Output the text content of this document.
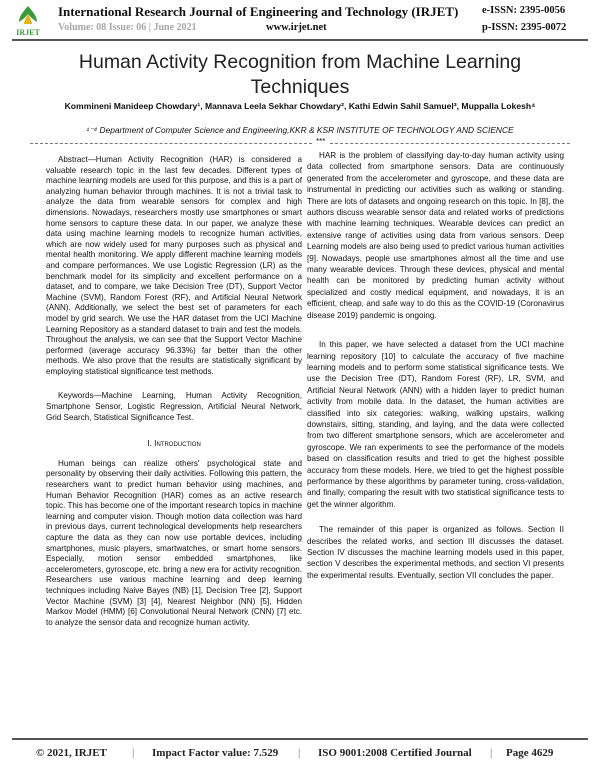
IRJET
International Research Journal of Engineering and Technology (IRJET) e-ISSN: 2395-0056
Volume: 08 Issue: 06 | June 2021	www.irjet.net	p-ISSN: 2395-0072
Human Activity Recognition from Machine Learning Techniques
Kommineni Manideep Chowdary¹, Mannava Leela Sekhar Chowdary², Kathi Edwin Sahil Samuel³, Muppalla Lokesh⁴
¹⁻⁴ Department of Computer Science and Engineering,KKR & KSR INSTITUTE OF TECHNOLOGY AND SCIENCE
***

Abstract—Human Activity Recognition (HAR) is considered a valuable research topic in the last few decades. Different types of machine learning models are used for this purpose, and this is a part of analyzing human behavior through machines. It is not a trivial task to analyze the data from wearable sensors for complex and high dimensions. Nowadays, researchers mostly use smartphones or smart home sensors to capture these data. In our paper, we analyze these data using machine learning models to recognize human activities, which are now widely used for many purposes such as physical and mental health monitoring. We apply different machine learning models and compare performances. We use Logistic Regression (LR) as the benchmark model for its simplicity and excellent performance on a dataset, and to compare, we take Decision Tree (DT), Support Vector Machine (SVM), Random Forest (RF), and Artificial Neural Network (ANN). Additionally, we select the best set of parameters for each model by grid search. We use the HAR dataset from the UCI Machine Learning Repository as a standard dataset to train and test the models. Throughout the analysis, we can see that the Support Vector Machine performed (average accuracy 96.33%) far better than the other methods. We also prove that the results are statistically significant by employing statistical significance test methods.

Keywords—Machine Learning, Human Activity Recognition, Smartphone Sensor, Logistic Regression, Artificial Neural Network, Grid Search, Statistical Significance Test.

I. Introduction

Human beings can realize others' psychological state and personality by observing their daily activities. Following this pattern, the researchers want to predict human behavior using machines, and Human Behavior Recognition (HAR) comes as an active research topic. This has become one of the important research topics in machine learning and computer vision. Though motion data collection was hard in previous days, current technological developments help researchers capture the data as they can now use portable devices, including smartphones, music players, smartwatches, or smart home sensors. Especially, motion sensor embedded smartphones, like accelerometers, gyroscope, etc. bring a new era for activity recognition. Researchers use various machine learning and deep learning techniques including Naive Bayes (NB) [1], Decision Tree [2], Support Vector Machine (SVM) [3] [4], Nearest Neighbor (NN) [5], Hidden Markov Model (HMM) [6] Convolutional Neural Network (CNN) [7] etc. to analyze the sensor data and recognize human activity.

HAR is the problem of classifying day-to-day human activity using data collected from smartphone sensors. Data are continuously generated from the accelerometer and gyroscope, and these data are instrumental in predicting our activities such as walking or standing. There are lots of datasets and ongoing research on this topic. In [8], the authors discuss wearable sensor data and related works of predictions with machine learning techniques. Wearable devices can predict an extensive range of activities using data from various sensors. Deep Learning models are also being used to predict various human activities [9]. Nowadays, people use smartphones almost all the time and use many wearable devices. Through these devices, physical and mental health can be monitored by predicting human activity without specialized and costly medical equipment, and nowadays, it is an efficient, cheap, and safe way to do this as the COVID-19 (Coronavirus disease 2019) pandemic is ongoing.

In this paper, we have selected a dataset from the UCI machine learning repository [10] to calculate the accuracy of five machine learning models and to perform some statistical significance tests. We use the Decision Tree (DT), Random Forest (RF), LR, SVM, and Artificial Neural Network (ANN) with a hidden layer to predict human activity from mobile data. In the dataset, the human activities are classified into six categories: walking, walking upstairs, walking downstairs, sitting, standing, and laying, and the data were collected from two different smartphone sensors, which are accelerometer and gyroscope. We ran experiments to see the performance of the models based on classification results and tried to get the highest possible accuracy from these models. Here, we tried to get the highest possible performance by these algorithms by parameter tuning, cross-validation, and finally, comparing the result with two statistical significance tests to get the winner algorithm.

The remainder of this paper is organized as follows. Section II describes the related works, and section III discusses the dataset. Section IV discusses the machine learning models used in this paper, section V describes the experimental methods, and section VI presents the experimental results. Eventually, section VII concludes the paper.

© 2021, IRJET | Impact Factor value: 7.529 | ISO 9001:2008 Certified Journal | Page 4629
